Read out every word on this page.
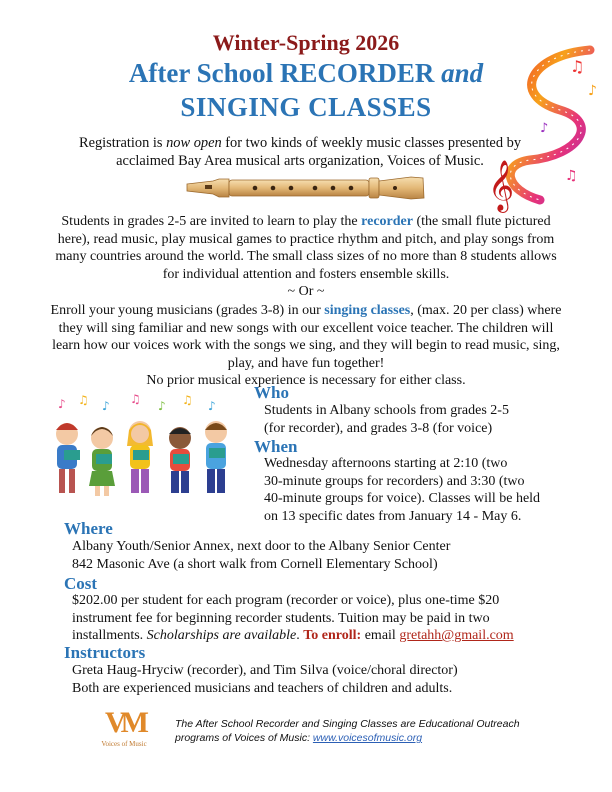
Winter-Spring 2026
After School RECORDER and
SINGING CLASSES
𝄞
♫
♪
♫
♪
Registration is now open for two kinds of weekly music classes presented by acclaimed Bay Area musical arts organization, Voices of Music.
Students in grades 2-5 are invited to learn to play the recorder (the small flute pictured here), read music, play musical games to practice rhythm and pitch, and play songs from many countries around the world. The small class sizes of no more than 8 students allows for individual attention and fosters ensemble skills.
~ Or ~
Enroll your young musicians (grades 3-8) in our singing classes, (max. 20 per class) where they will sing familiar and new songs with our excellent voice teacher. The children will learn how our voices work with the songs we sing, and they will begin to read music, sing, play, and have fun together!
No prior musical experience is necessary for either class.
♪ ♫ ♪ ♫ ♪ ♫ ♪
Who
Students in Albany schools from grades 2-5
(for recorder), and grades 3-8 (for voice)
When
Wednesday afternoons starting at 2:10 (two
30-minute groups for recorders) and 3:30 (two
40-minute groups for voice). Classes will be held
on 13 specific dates from January 14 - May 6.
Where
Albany Youth/Senior Annex, next door to the Albany Senior Center
842 Masonic Ave (a short walk from Cornell Elementary School)
Cost
$202.00 per student for each program (recorder or voice), plus one-time $20
instrument fee for beginning recorder students. Tuition may be paid in two
installments. Scholarships are available. To enroll: email gretahh@gmail.com
Instructors
Greta Haug-Hryciw (recorder), and Tim Silva (voice/choral director)
Both are experienced musicians and teachers of children and adults.
VM
Voices of Music
The After School Recorder and Singing Classes are Educational Outreach
programs of Voices of Music: www.voicesofmusic.org
